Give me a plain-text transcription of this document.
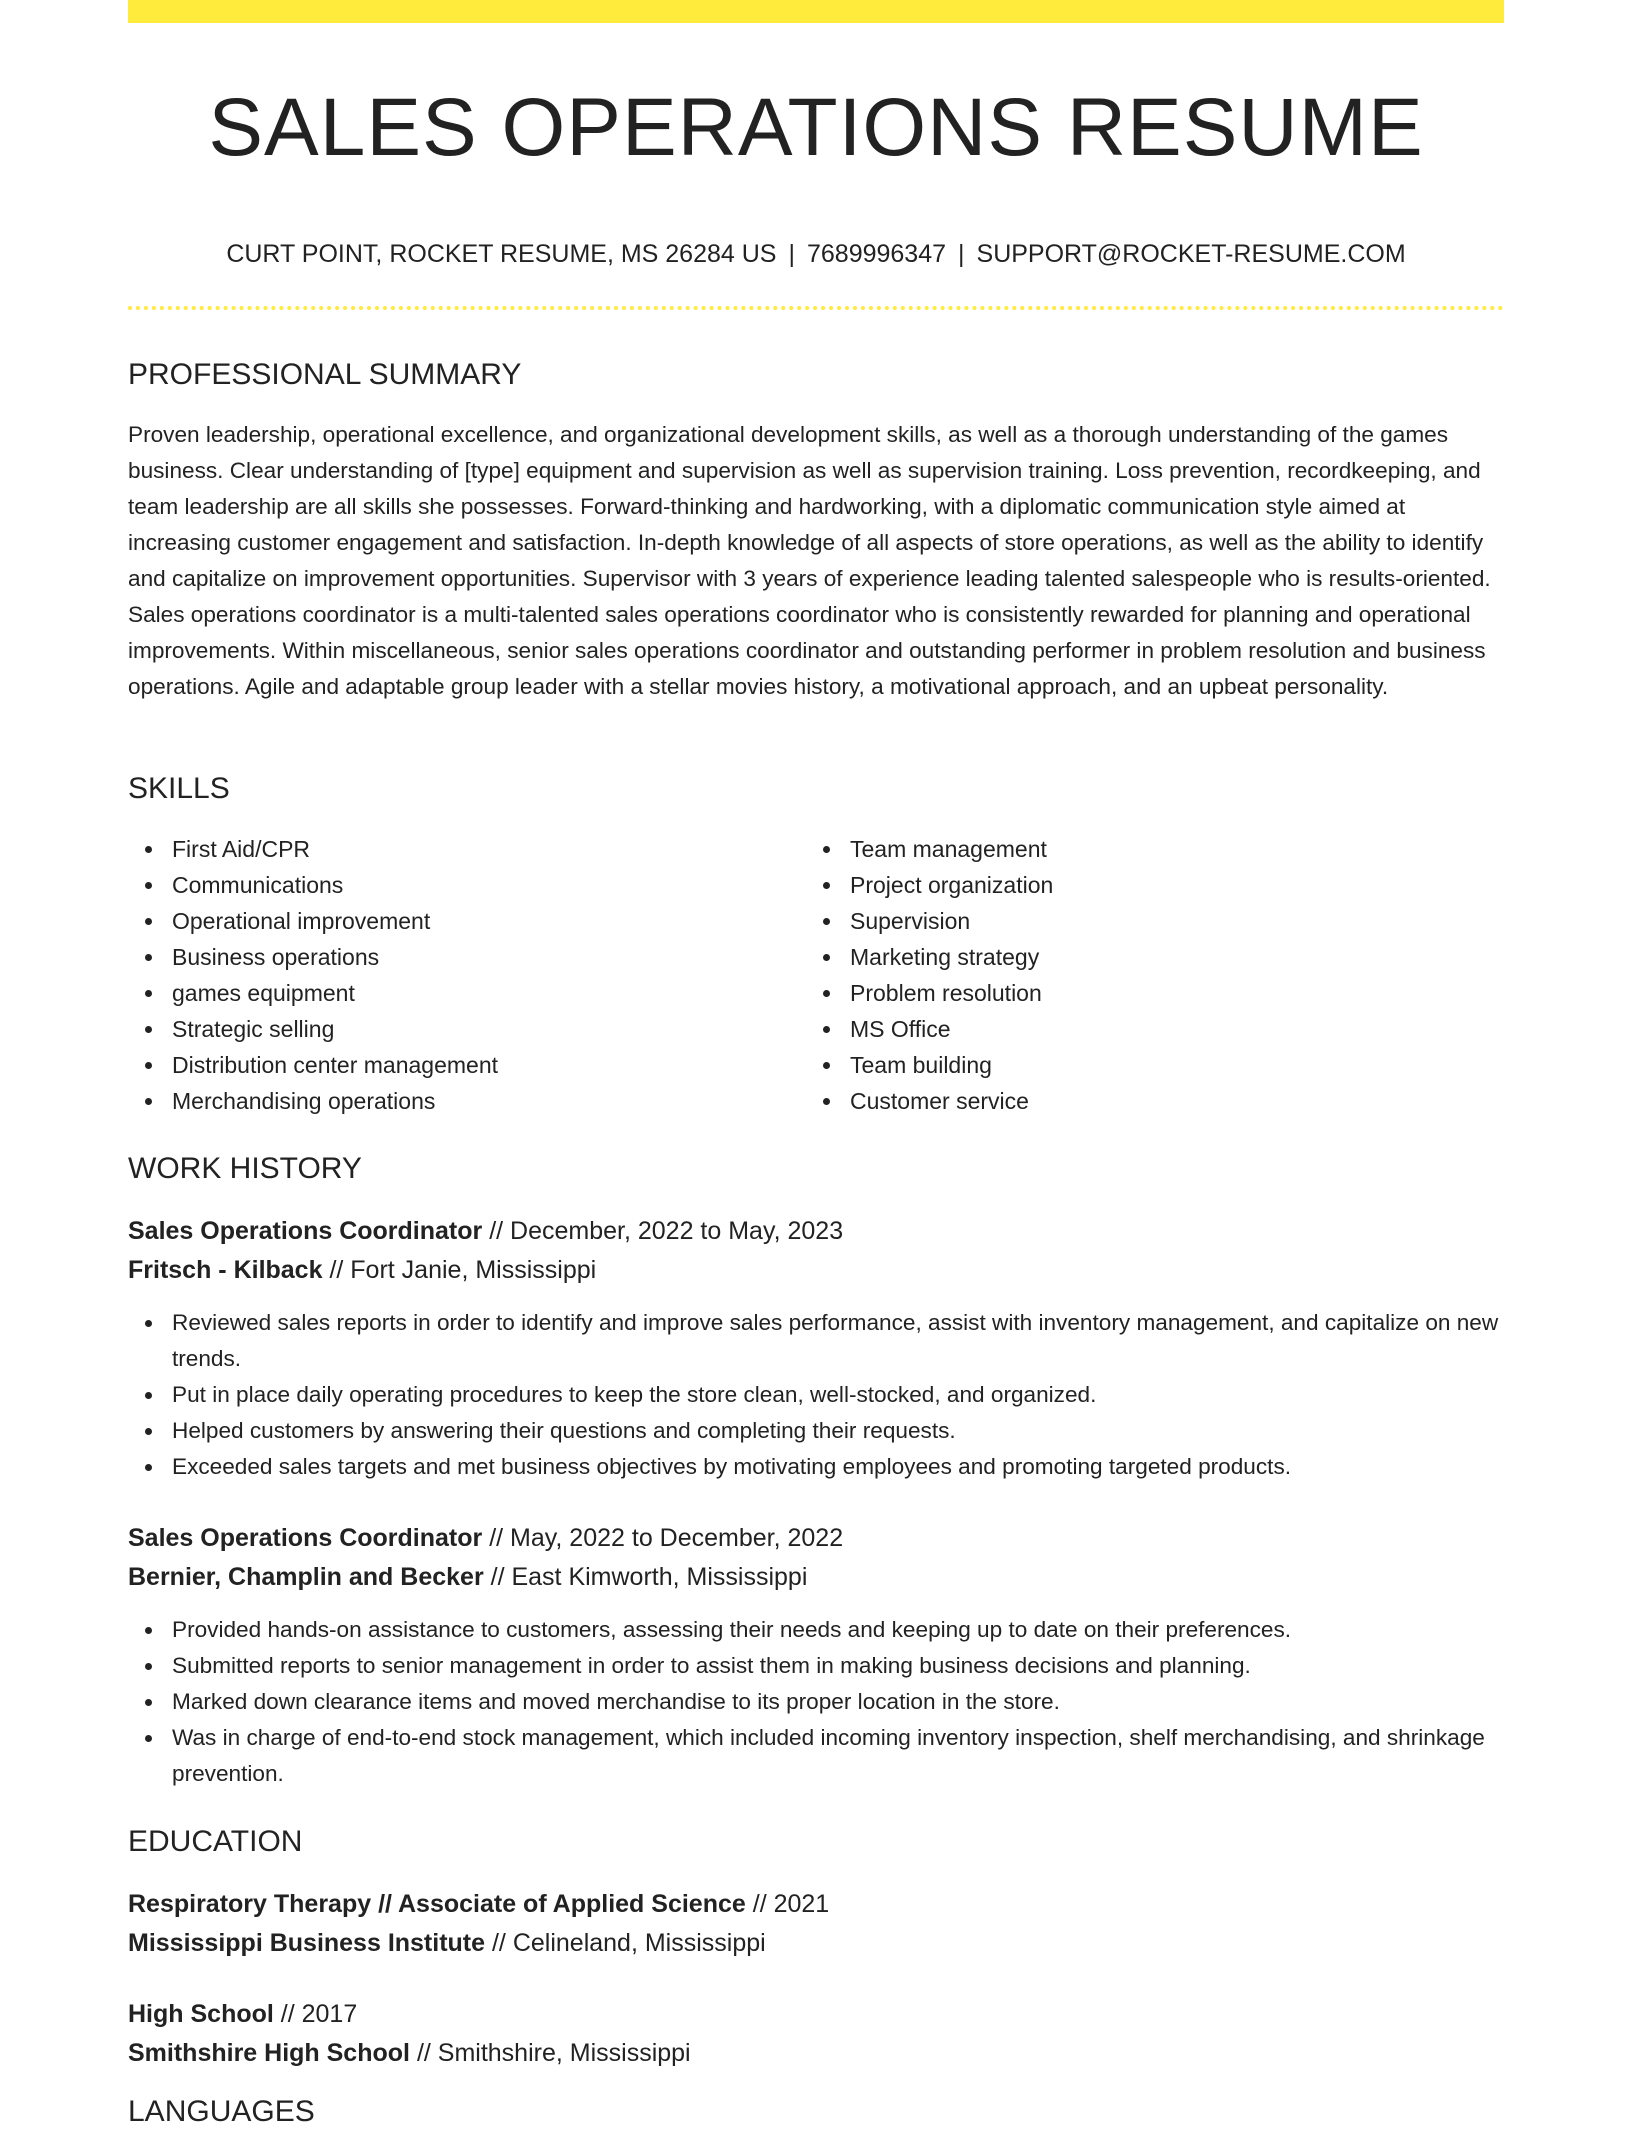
SALES OPERATIONS RESUME
CURT POINT, ROCKET RESUME, MS 26284 US | 7689996347 | SUPPORT@ROCKET-RESUME.COM
PROFESSIONAL SUMMARY

Proven leadership, operational excellence, and organizational development skills, as well as a thorough understanding of the games business. Clear understanding of [type] equipment and supervision as well as supervision training. Loss prevention, recordkeeping, and team leadership are all skills she possesses. Forward-thinking and hardworking, with a diplomatic communication style aimed at increasing customer engagement and satisfaction. In-depth knowledge of all aspects of store operations, as well as the ability to identify and capitalize on improvement opportunities. Supervisor with 3 years of experience leading talented salespeople who is results-oriented. Sales operations coordinator is a multi-talented sales operations coordinator who is consistently rewarded for planning and operational improvements. Within miscellaneous, senior sales operations coordinator and outstanding performer in problem resolution and business operations. Agile and adaptable group leader with a stellar movies history, a motivational approach, and an upbeat personality.

SKILLS
First Aid/CPR
Communications
Operational improvement
Business operations
games equipment
Strategic selling
Distribution center management
Merchandising operations
Team management
Project organization
Supervision
Marketing strategy
Problem resolution
MS Office
Team building
Customer service
WORK HISTORY
Sales Operations Coordinator // December, 2022 to May, 2023
Fritsch - Kilback // Fort Janie, Mississippi
Reviewed sales reports in order to identify and improve sales performance, assist with inventory management, and capitalize on new trends.
Put in place daily operating procedures to keep the store clean, well-stocked, and organized.
Helped customers by answering their questions and completing their requests.
Exceeded sales targets and met business objectives by motivating employees and promoting targeted products.
Sales Operations Coordinator // May, 2022 to December, 2022
Bernier, Champlin and Becker // East Kimworth, Mississippi
Provided hands-on assistance to customers, assessing their needs and keeping up to date on their preferences.
Submitted reports to senior management in order to assist them in making business decisions and planning.
Marked down clearance items and moved merchandise to its proper location in the store.
Was in charge of end-to-end stock management, which included incoming inventory inspection, shelf merchandising, and shrinkage prevention.
EDUCATION
Respiratory Therapy // Associate of Applied Science // 2021
Mississippi Business Institute // Celineland, Mississippi
High School // 2017
Smithshire High School // Smithshire, Mississippi
LANGUAGES
